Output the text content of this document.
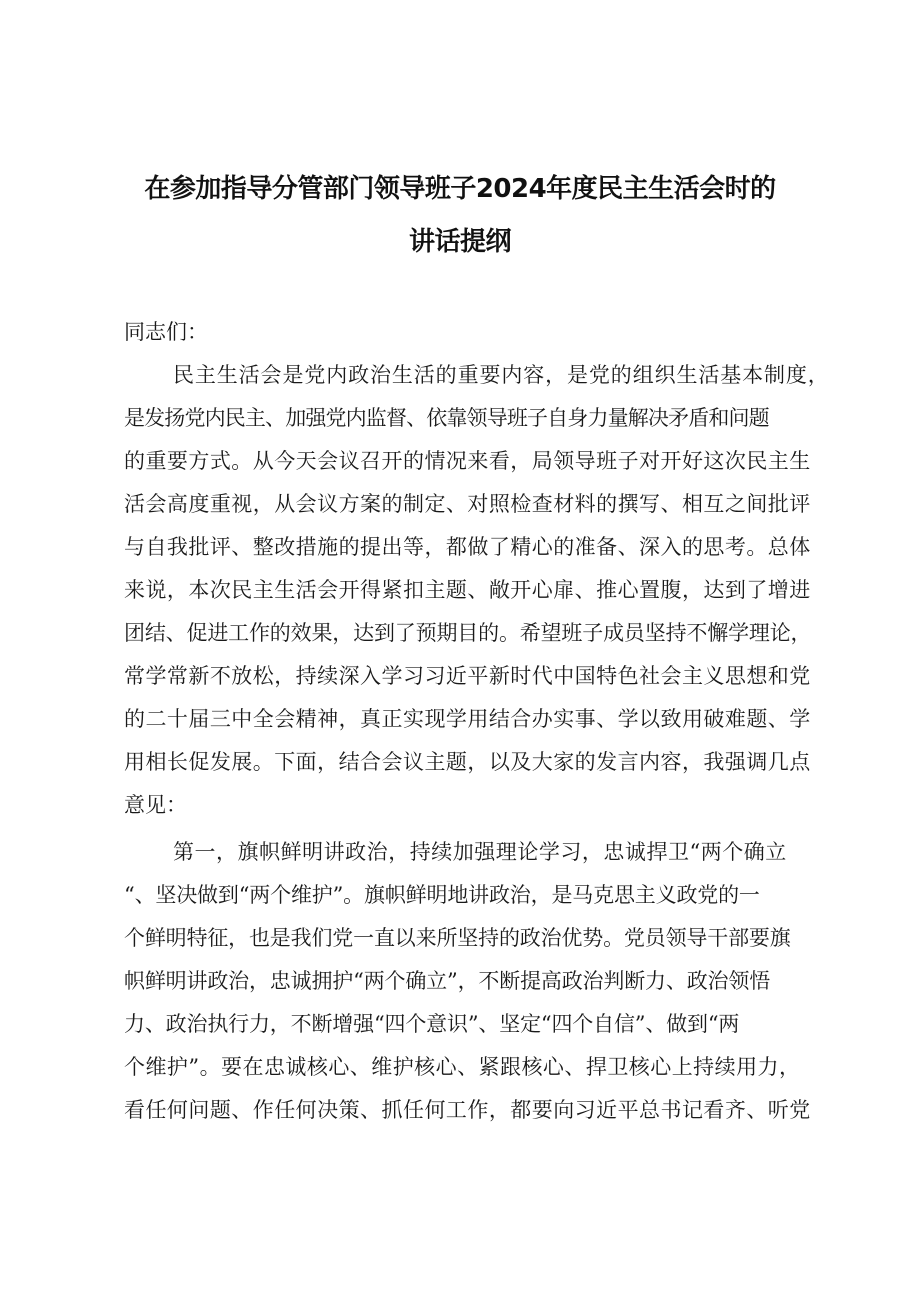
在参加指导分管部门领导班子2024年度民主生活会时的
讲话提纲

同志们：

民主生活会是党内政治生活的重要内容，是党的组织生活基本制度，

是发扬党内民主、加强党内监督、依靠领导班子自身力量解决矛盾和问题

的重要方式。从今天会议召开的情况来看，局领导班子对开好这次民主生

活会高度重视，从会议方案的制定、对照检查材料的撰写、相互之间批评

与自我批评、整改措施的提出等，都做了精心的准备、深入的思考。总体

来说，本次民主生活会开得紧扣主题、敞开心扉、推心置腹，达到了增进

团结、促进工作的效果，达到了预期目的。希望班子成员坚持不懈学理论，

常学常新不放松，持续深入学习习近平新时代中国特色社会主义思想和党

的二十届三中全会精神，真正实现学用结合办实事、学以致用破难题、学

用相长促发展。下面，结合会议主题，以及大家的发言内容，我强调几点

意见：

第一，旗帜鲜明讲政治，持续加强理论学习，忠诚捍卫“两个确立

“、坚决做到“两个维护”。旗帜鲜明地讲政治，是马克思主义政党的一

个鲜明特征，也是我们党一直以来所坚持的政治优势。党员领导干部要旗

帜鲜明讲政治，忠诚拥护“两个确立”，不断提高政治判断力、政治领悟

力、政治执行力，不断增强“四个意识”、坚定“四个自信”、做到“两

个维护”。要在忠诚核心、维护核心、紧跟核心、捍卫核心上持续用力，

看任何问题、作任何决策、抓任何工作，都要向习近平总书记看齐、听党
